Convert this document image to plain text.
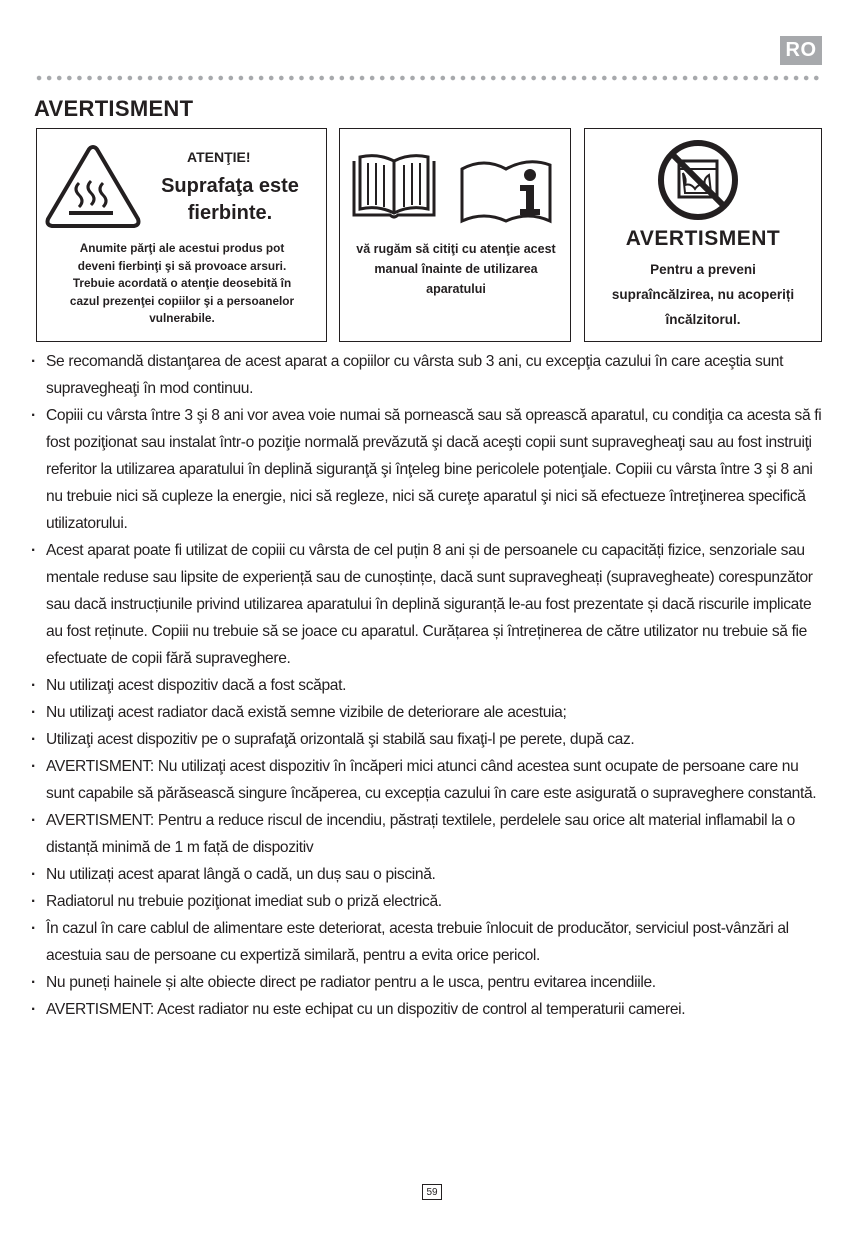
RO
AVERTISMENT
ATENŢIE!
Suprafaţa este
fierbinte.
Anumite părţi ale acestui produs pot
deveni fierbinţi şi să provoace arsuri.
Trebuie acordată o atenţie deosebită în
cazul prezenţei copiilor şi a persoanelor
vulnerabile.
vă rugăm să citiţi cu atenţie acest
manual înainte de utilizarea
aparatului
AVERTISMENT
Pentru a preveni
supraîncălzirea, nu acoperiți
încălzitorul.
· Se recomandă distanţarea de acest aparat a copiilor cu vârsta sub 3 ani, cu excepţia cazului în care aceştia sunt supravegheaţi în mod continuu.
· Copiii cu vârsta între 3 şi 8 ani vor avea voie numai să pornească sau să oprească aparatul, cu condiţia ca acesta să fi fost poziţionat sau instalat într-o poziţie normală prevăzută şi dacă aceşti copii sunt supravegheaţi sau au fost instruiţi referitor la utilizarea aparatului în deplină siguranţă şi înţeleg bine pericolele potenţiale. Copiii cu vârsta între 3 şi 8 ani nu trebuie nici să cupleze la energie, nici să regleze, nici să cureţe aparatul şi nici să efectueze întreţinerea specifică utilizatorului.
· Acest aparat poate fi utilizat de copiii cu vârsta de cel puțin 8 ani și de persoanele cu capacități fizice, senzoriale sau mentale reduse sau lipsite de experiență sau de cunoștințe, dacă sunt supravegheați (supravegheate) corespunzător sau dacă instrucțiunile privind utilizarea aparatului în deplină siguranță le-au fost prezentate și dacă riscurile implicate au fost reținute. Copiii nu trebuie să se joace cu aparatul. Curățarea și întreținerea de către utilizator nu trebuie să fie efectuate de copii fără supraveghere.
· Nu utilizaţi acest dispozitiv dacă a fost scăpat.
· Nu utilizaţi acest radiator dacă există semne vizibile de deteriorare ale acestuia;
· Utilizaţi acest dispozitiv pe o suprafaţă orizontală şi stabilă sau fixaţi-l pe perete, după caz.
· AVERTISMENT: Nu utilizaţi acest dispozitiv în încăperi mici atunci când acestea sunt ocupate de persoane care nu sunt capabile să părăsească singure încăperea, cu excepția cazului în care este asigurată o supraveghere constantă.
· AVERTISMENT: Pentru a reduce riscul de incendiu, păstrați textilele, perdelele sau orice alt material inflamabil la o distanță minimă de 1 m față de dispozitiv
· Nu utilizați acest aparat lângă o cadă, un duș sau o piscină.
· Radiatorul nu trebuie poziţionat imediat sub o priză electrică.
· În cazul în care cablul de alimentare este deteriorat, acesta trebuie înlocuit de producător, serviciul post-vânzări al acestuia sau de persoane cu expertiză similară, pentru a evita orice pericol.
· Nu puneți hainele și alte obiecte direct pe radiator pentru a le usca, pentru evitarea incendiile.
· AVERTISMENT: Acest radiator nu este echipat cu un dispozitiv de control al temperaturii camerei.
59
